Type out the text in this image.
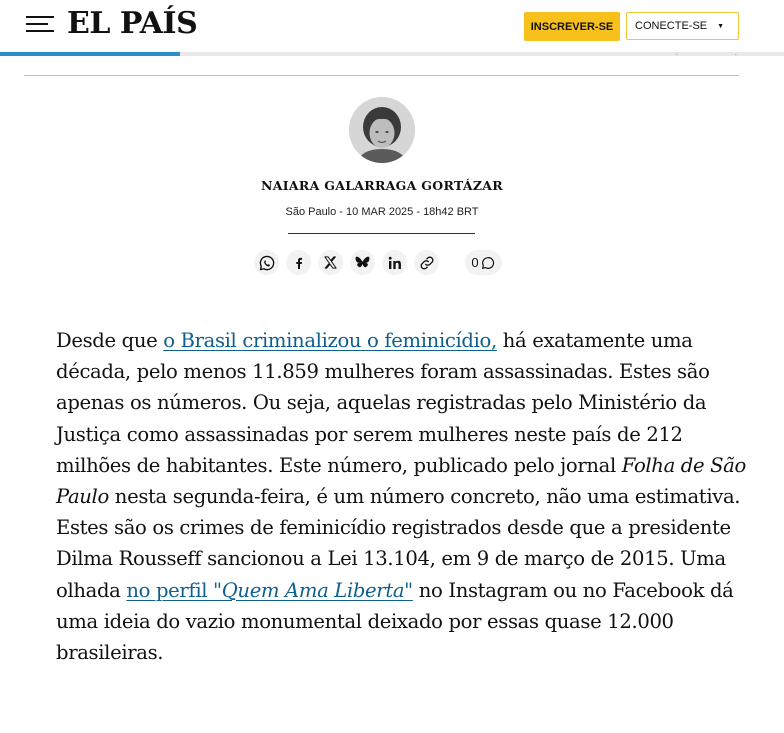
EL PAÍS	INSCREVER-SE	CONECTE-SE ▼
NAIARA GALARRAGA GORTÁZAR
São Paulo - 10 MAR 2025 - 18h42 BRT
0

Desde que o Brasil criminalizou o feminicídio, há exatamente uma década, pelo menos 11.859 mulheres foram assassinadas. Estes são apenas os números. Ou seja, aquelas registradas pelo Ministério da Justiça como assassinadas por serem mulheres neste país de 212 milhões de habitantes. Este número, publicado pelo jornal Folha de São Paulo nesta segunda-feira, é um número concreto, não uma estimativa. Estes são os crimes de feminicídio registrados desde que a presidente Dilma Rousseff sancionou a Lei 13.104, em 9 de março de 2015. Uma olhada no perfil "Quem Ama Liberta" no Instagram ou no Facebook dá uma ideia do vazio monumental deixado por essas quase 12.000 brasileiras.
